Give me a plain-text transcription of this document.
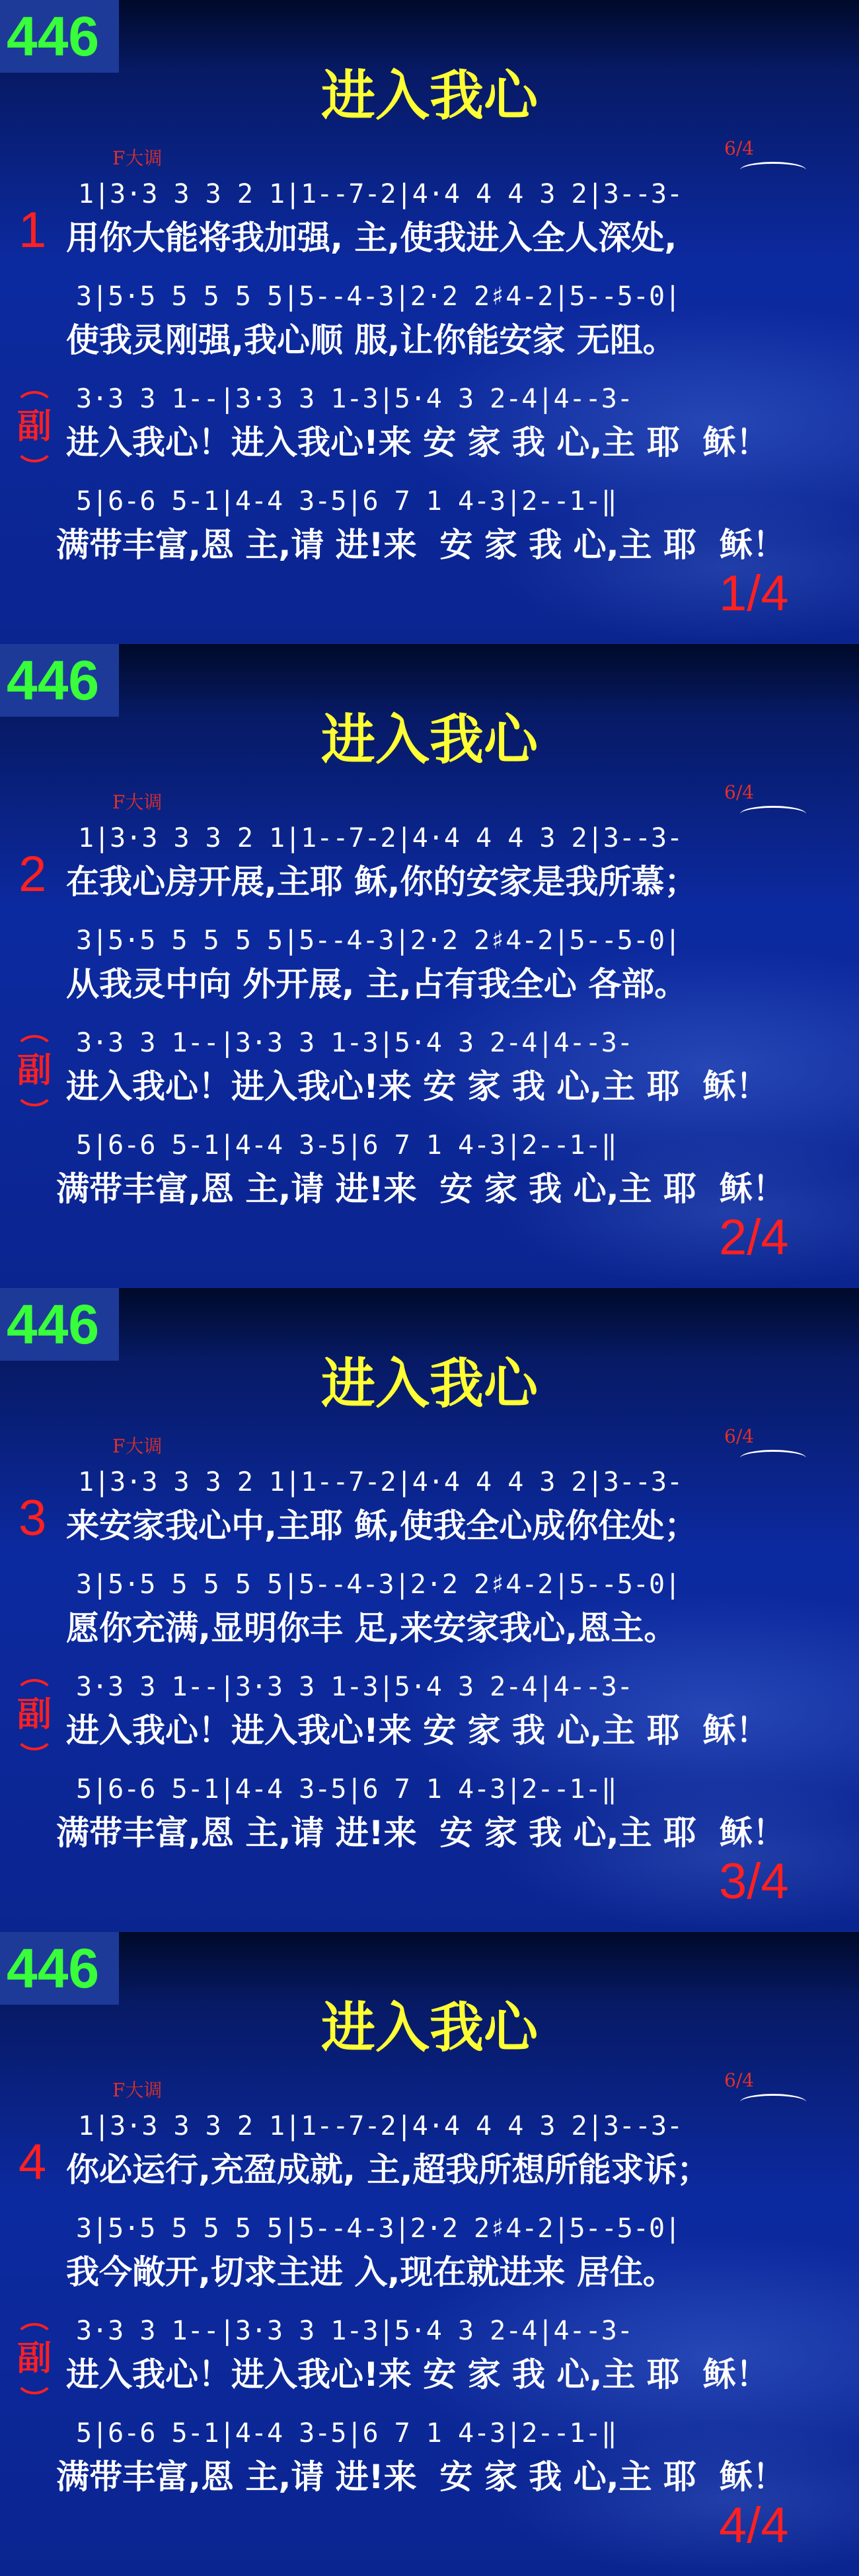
446
进入我心
F大调	6/4
1|3·3 3 3 2 1|1--7-2|4·4 4 4 3 2|3--3-
1 用你大能将我加强, 主,使我进入全人深处,
3|5·5 5 5 5 5|5--4-3|2·2 2♯4-2|5--5-0|
使我灵刚强,我心顺 服,让你能安家 无阻。
3·3 3 1--|3·3 3 1-3|5·4 3 2-4|4--3-
副 进入我心！进入我心!来 安 家 我 心,主 耶  稣！
5|6-6 5-1|4-4 3-5|6 7 1 4-3|2--1-‖
满带丰富,恩 主,请 进!来  安 家 我 心,主 耶  稣！
1/4
446
进入我心
F大调	6/4
1|3·3 3 3 2 1|1--7-2|4·4 4 4 3 2|3--3-
2 在我心房开展,主耶 稣,你的安家是我所慕；
3|5·5 5 5 5 5|5--4-3|2·2 2♯4-2|5--5-0|
从我灵中向 外开展, 主,占有我全心 各部。
3·3 3 1--|3·3 3 1-3|5·4 3 2-4|4--3-
副 进入我心！进入我心!来 安 家 我 心,主 耶  稣！
5|6-6 5-1|4-4 3-5|6 7 1 4-3|2--1-‖
满带丰富,恩 主,请 进!来  安 家 我 心,主 耶  稣！
2/4
446
进入我心
F大调	6/4
1|3·3 3 3 2 1|1--7-2|4·4 4 4 3 2|3--3-
3 来安家我心中,主耶 稣,使我全心成你住处；
3|5·5 5 5 5 5|5--4-3|2·2 2♯4-2|5--5-0|
愿你充满,显明你丰 足,来安家我心,恩主。
3·3 3 1--|3·3 3 1-3|5·4 3 2-4|4--3-
副 进入我心！进入我心!来 安 家 我 心,主 耶  稣！
5|6-6 5-1|4-4 3-5|6 7 1 4-3|2--1-‖
满带丰富,恩 主,请 进!来  安 家 我 心,主 耶  稣！
3/4
446
进入我心
F大调	6/4
1|3·3 3 3 2 1|1--7-2|4·4 4 4 3 2|3--3-
4 你必运行,充盈成就, 主,超我所想所能求诉；
3|5·5 5 5 5 5|5--4-3|2·2 2♯4-2|5--5-0|
我今敞开,切求主进 入,现在就进来 居住。
3·3 3 1--|3·3 3 1-3|5·4 3 2-4|4--3-
副 进入我心！进入我心!来 安 家 我 心,主 耶  稣！
5|6-6 5-1|4-4 3-5|6 7 1 4-3|2--1-‖
满带丰富,恩 主,请 进!来  安 家 我 心,主 耶  稣！
4/4
